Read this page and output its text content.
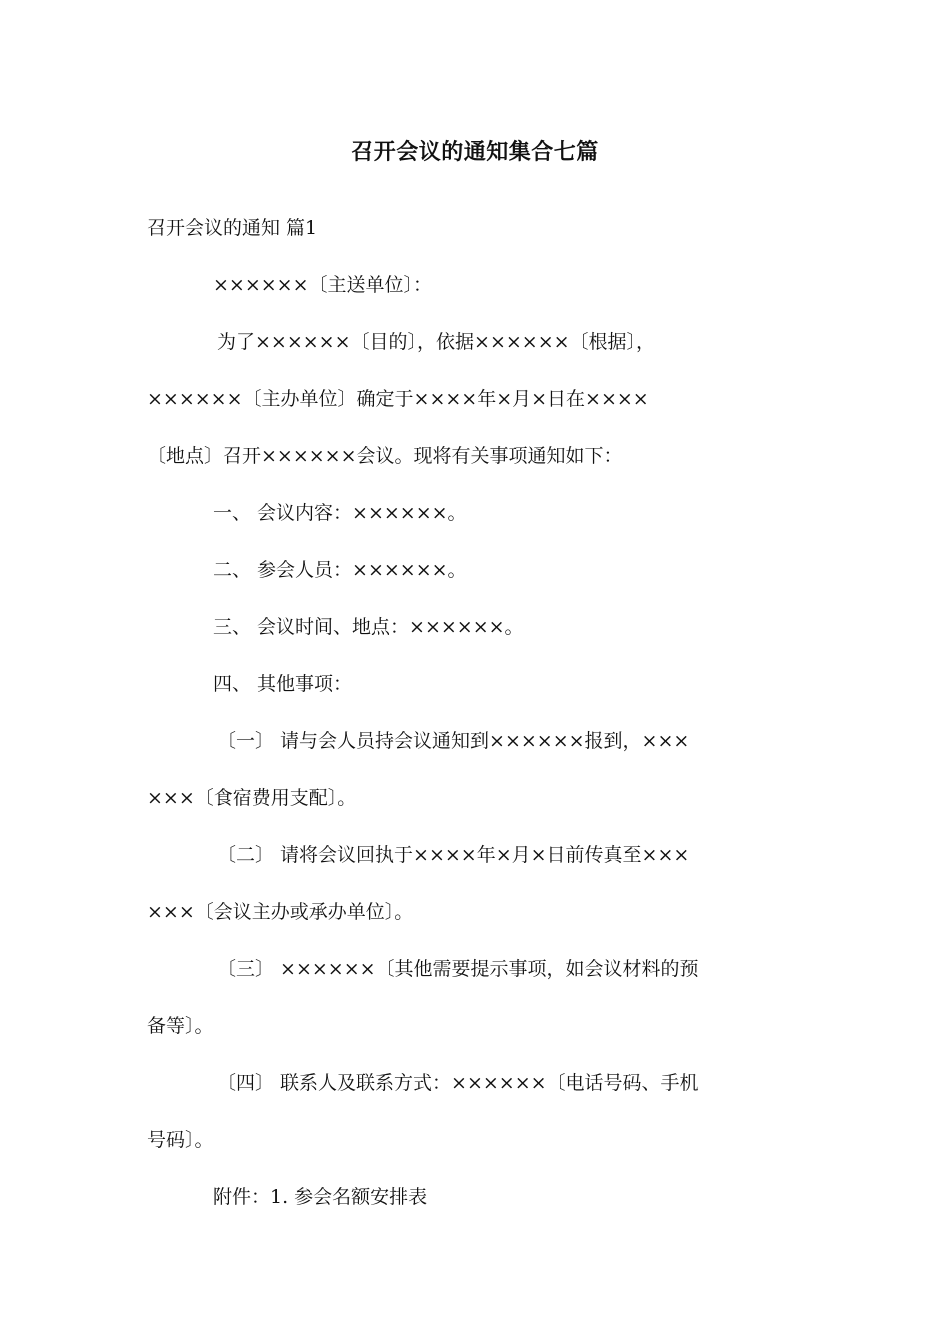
召开会议的通知集合七篇

召开会议的通知 篇1

××××××〔主送单位〕：

为了××××××〔目的〕，依据××××××〔根据〕，

××××××〔主办单位〕确定于××××年×月×日在××××

〔地点〕召开××××××会议。现将有关事项通知如下：

一、 会议内容：××××××。

二、 参会人员：××××××。

三、 会议时间、地点：××××××。

四、 其他事项：

〔一〕 请与会人员持会议通知到××××××报到，×××

×××〔食宿费用支配〕。

〔二〕 请将会议回执于××××年×月×日前传真至×××

×××〔会议主办或承办单位〕。

〔三〕 ××××××〔其他需要提示事项，如会议材料的预

备等〕。

〔四〕 联系人及联系方式：××××××〔电话号码、手机

号码〕。

附件：1. 参会名额安排表
